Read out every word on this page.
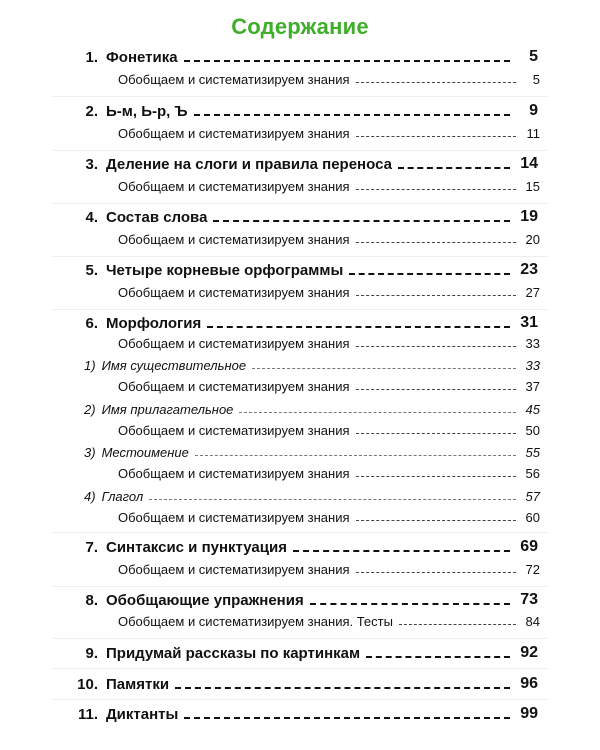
Содержание
1. Фонетика	5
Обобщаем и систематизируем знания	5
2. Ь-м, Ь-р, Ъ	9
Обобщаем и систематизируем знания	11
3. Деление на слоги и правила переноса	14
Обобщаем и систематизируем знания	15
4. Состав слова	19
Обобщаем и систематизируем знания	20
5. Четыре корневые орфограммы	23
Обобщаем и систематизируем знания	27
6. Морфология	31
Обобщаем и систематизируем знания	33
1) Имя существительное	33
Обобщаем и систематизируем знания	37
2) Имя прилагательное	45
Обобщаем и систематизируем знания	50
3) Местоимение	55
Обобщаем и систематизируем знания	56
4) Глагол	57
Обобщаем и систематизируем знания	60
7. Синтаксис и пунктуация	69
Обобщаем и систематизируем знания	72
8. Обобщающие упражнения	73
Обобщаем и систематизируем знания. Тесты	84
9. Придумай рассказы по картинкам	92
10. Памятки	96
11. Диктанты	99
